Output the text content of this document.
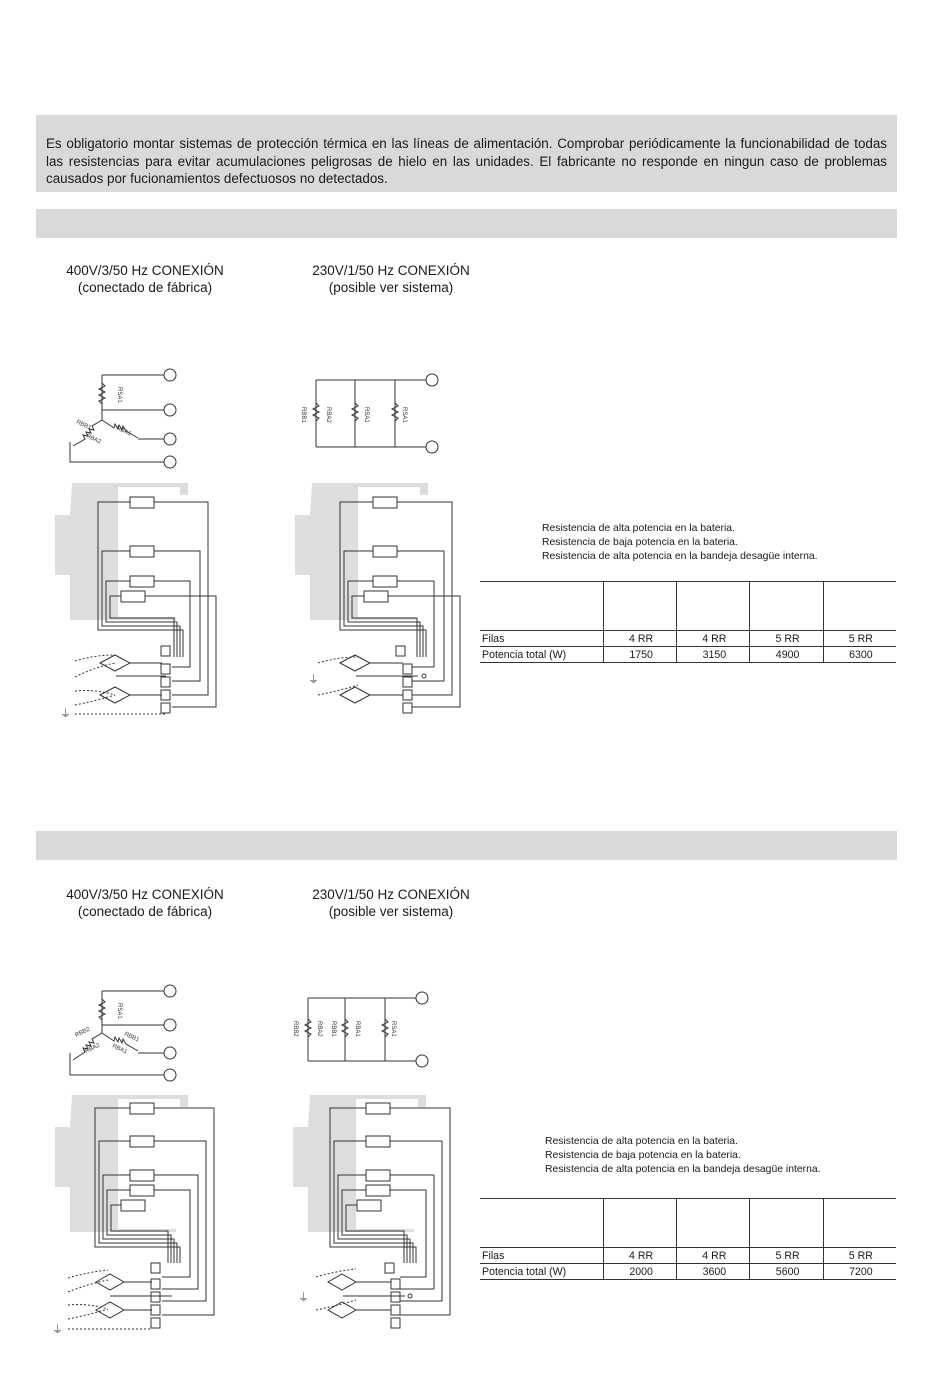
Es obligatorio montar sistemas de protección térmica en las líneas de alimentación. Comprobar periódicamente la funcionabilidad de todas las resistencias para evitar acumulaciones peligrosas de hielo en las unidades. El fabricante no responde en ningun caso de problemas causados por fucionamientos defectuosos no detectados.

400V/3/50 Hz CONEXIÓN
(conectado de fábrica)
230V/1/50 Hz CONEXIÓN
(posible ver sistema)
RSA1
RBB1
RBA2
RBA1
RBB1	RBA2	RSA1	RSA1
⏚
⏚
Resistencia de alta potencia en la bateria.
Resistencia de baja potencia en la bateria.
Resistencia de alta potencia en la bandeja desagüe interna.

Filas	4 RR	4 RR	5 RR	5 RR
Potencia total (W)	1750	3150	4900	6300
400V/3/50 Hz CONEXIÓN
(conectado de fábrica)
230V/1/50 Hz CONEXIÓN
(posible ver sistema)
RSA1
RBB2
RBA2
RBB1
RBA1
RBB2	RBA2 RBB1	RBA1	RSA1
⏚
⏚
Resistencia de alta potencia en la bateria.
Resistencia de baja potencia en la bateria.
Resistencia de alta potencia en la bandeja desagüe interna.

Filas	4 RR	4 RR	5 RR	5 RR
Potencia total (W)	2000	3600	5600	7200
